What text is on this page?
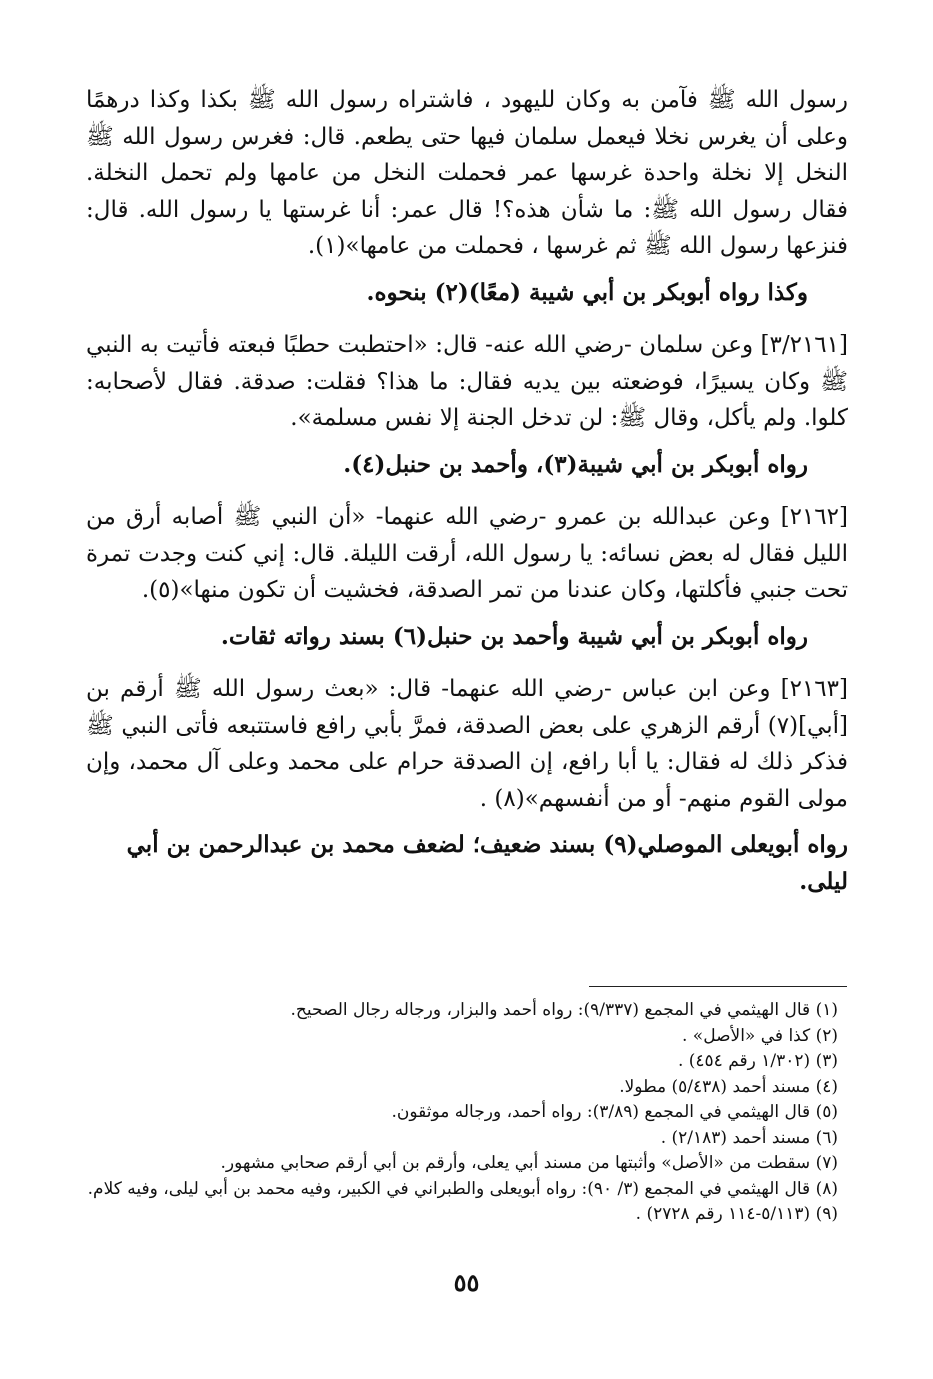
رسول الله ﷺ فآمن به وكان لليهود ، فاشتراه رسول الله ﷺ بكذا وكذا درهمًا وعلى أن يغرس نخلا فيعمل سلمان فيها حتى يطعم. قال: فغرس رسول الله ﷺ النخل إلا نخلة واحدة غرسها عمر فحملت النخل من عامها ولم تحمل النخلة. فقال رسول الله ﷺ: ما شأن هذه؟! قال عمر: أنا غرستها يا رسول الله. قال: فنزعها رسول الله ﷺ ثم غرسها ، فحملت من عامها»(١).

وكذا رواه أبوبكر بن أبي شيبة (معًا)(٢) بنحوه.

[٣/٢١٦١] وعن سلمان -رضي الله عنه- قال: «احتطبت حطبًا فبعته فأتيت به النبي ﷺ وكان يسيرًا، فوضعته بين يديه فقال: ما هذا؟ فقلت: صدقة. فقال لأصحابه: كلوا. ولم يأكل، وقال ﷺ: لن تدخل الجنة إلا نفس مسلمة».

رواه أبوبكر بن أبي شيبة(٣)، وأحمد بن حنبل(٤).

[٢١٦٢] وعن عبدالله بن عمرو -رضي الله عنهما- «أن النبي ﷺ أصابه أرق من الليل فقال له بعض نسائه: يا رسول الله، أرقت الليلة. قال: إني كنت وجدت تمرة تحت جنبي فأكلتها، وكان عندنا من تمر الصدقة، فخشيت أن تكون منها»(٥).

رواه أبوبكر بن أبي شيبة وأحمد بن حنبل(٦) بسند رواته ثقات.

[٢١٦٣] وعن ابن عباس -رضي الله عنهما- قال: «بعث رسول الله ﷺ أرقم بن [أبي](٧) أرقم الزهري على بعض الصدقة، فمرَّ بأبي رافع فاستتبعه فأتى النبي ﷺ فذكر ذلك له فقال: يا أبا رافع، إن الصدقة حرام على محمد وعلى آل محمد، وإن مولى القوم منهم- أو من أنفسهم»(٨) .

رواه أبويعلى الموصلي(٩) بسند ضعيف؛ لضعف محمد بن عبدالرحمن بن أبي ليلى.

(١) قال الهيثمي في المجمع (٩/٣٣٧): رواه أحمد والبزار، ورجاله رجال الصحيح.

(٢) كذا في «الأصل» .

(٣) (١/٣٠٢ رقم ٤٥٤) .

(٤) مسند أحمد (٥/٤٣٨) مطولا.

(٥) قال الهيثمي في المجمع (٣/٨٩): رواه أحمد، ورجاله موثقون.

(٦) مسند أحمد (٢/١٨٣) .

(٧) سقطت من «الأصل» وأثبتها من مسند أبي يعلى، وأرقم بن أبي أرقم صحابي مشهور.

(٨) قال الهيثمي في المجمع (٣/ ٩٠): رواه أبويعلى والطبراني في الكبير، وفيه محمد بن أبي ليلى، وفيه كلام.

(٩) (٥/١١٣-١١٤ رقم ٢٧٢٨) .

٥٥
